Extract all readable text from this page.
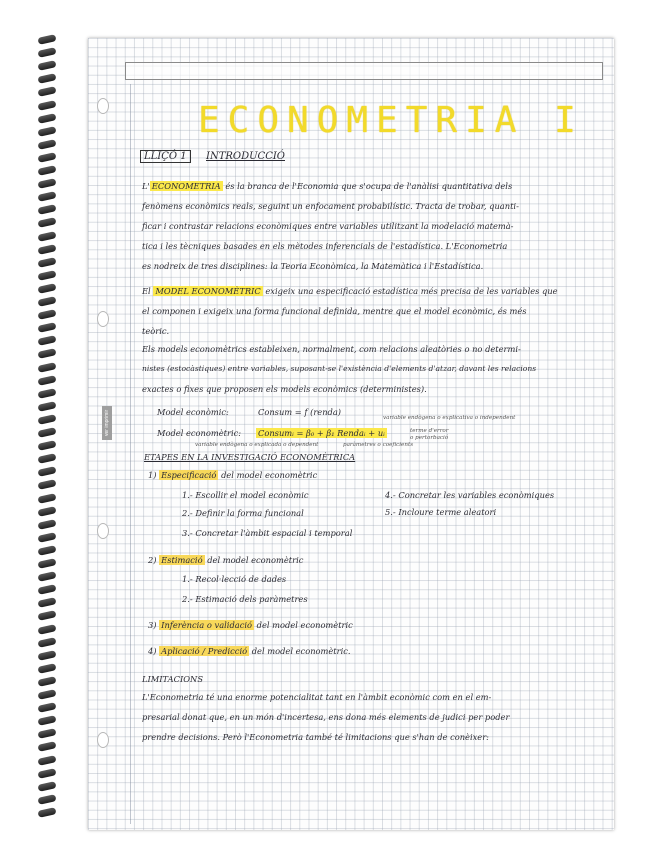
ver imprimir
ECONOMETRIA I
LLIÇÓ 1	INTRODUCCIÓ
L' ECONOMETRIA és la branca de l'Economia que s'ocupa de l'anàlisi quantitativa dels
fenòmens econòmics reals, seguint un enfocament probabilístic. Tracta de trobar, quanti-
ficar i contrastar relacions econòmiques entre variables utilitzant la modelació matemà-
tica i les tècniques basades en els mètodes inferencials de l'estadística. L'Econometria
es nodreix de tres disciplines: la Teoria Econòmica, la Matemàtica i l'Estadística.
El MODEL ECONOMÈTRIC exigeix una especificació estadística més precisa de les variables que
el componen i exigeix una forma funcional definida, mentre que el model econòmic, és més
teòric.
Els models economètrics estableixen, normalment, com relacions aleatòries o no determi-
nistes (estocàstiques) entre variables, suposant-se l'existència d'elements d'atzar, davant les relacions
exactes o fixes que proposen els models econòmics (deterministes).
variable endògena o explicativa o independent
Model econòmic:	Consum = f (renda)
Model economètric: Consumᵢ = β₀ + β₁ Rendaᵢ + uᵢ	terme d'error
o pertorbació
variable endògena o explicada o dependent	paràmetres o coeficients
ETAPES EN LA INVESTIGACIÓ ECONOMÈTRICA
1) Especificació del model economètric
1.- Escollir el model econòmic
2.- Definir la forma funcional
3.- Concretar l'àmbit espacial i temporal
4.- Concretar les variables econòmiques
5.- Incloure terme aleatori
2) Estimació del model economètric
1.- Recol·lecció de dades
2.- Estimació dels paràmetres
3) Inferència o validació del model economètric
4) Aplicació / Predicció del model economètric.
LIMITACIONS
L'Econometria té una enorme potencialitat tant en l'àmbit econòmic com en el em-
presarial donat que, en un món d'incertesa, ens dona més elements de judici per poder
prendre decisions. Però l'Econometria també té limitacions que s'han de conèixer:
